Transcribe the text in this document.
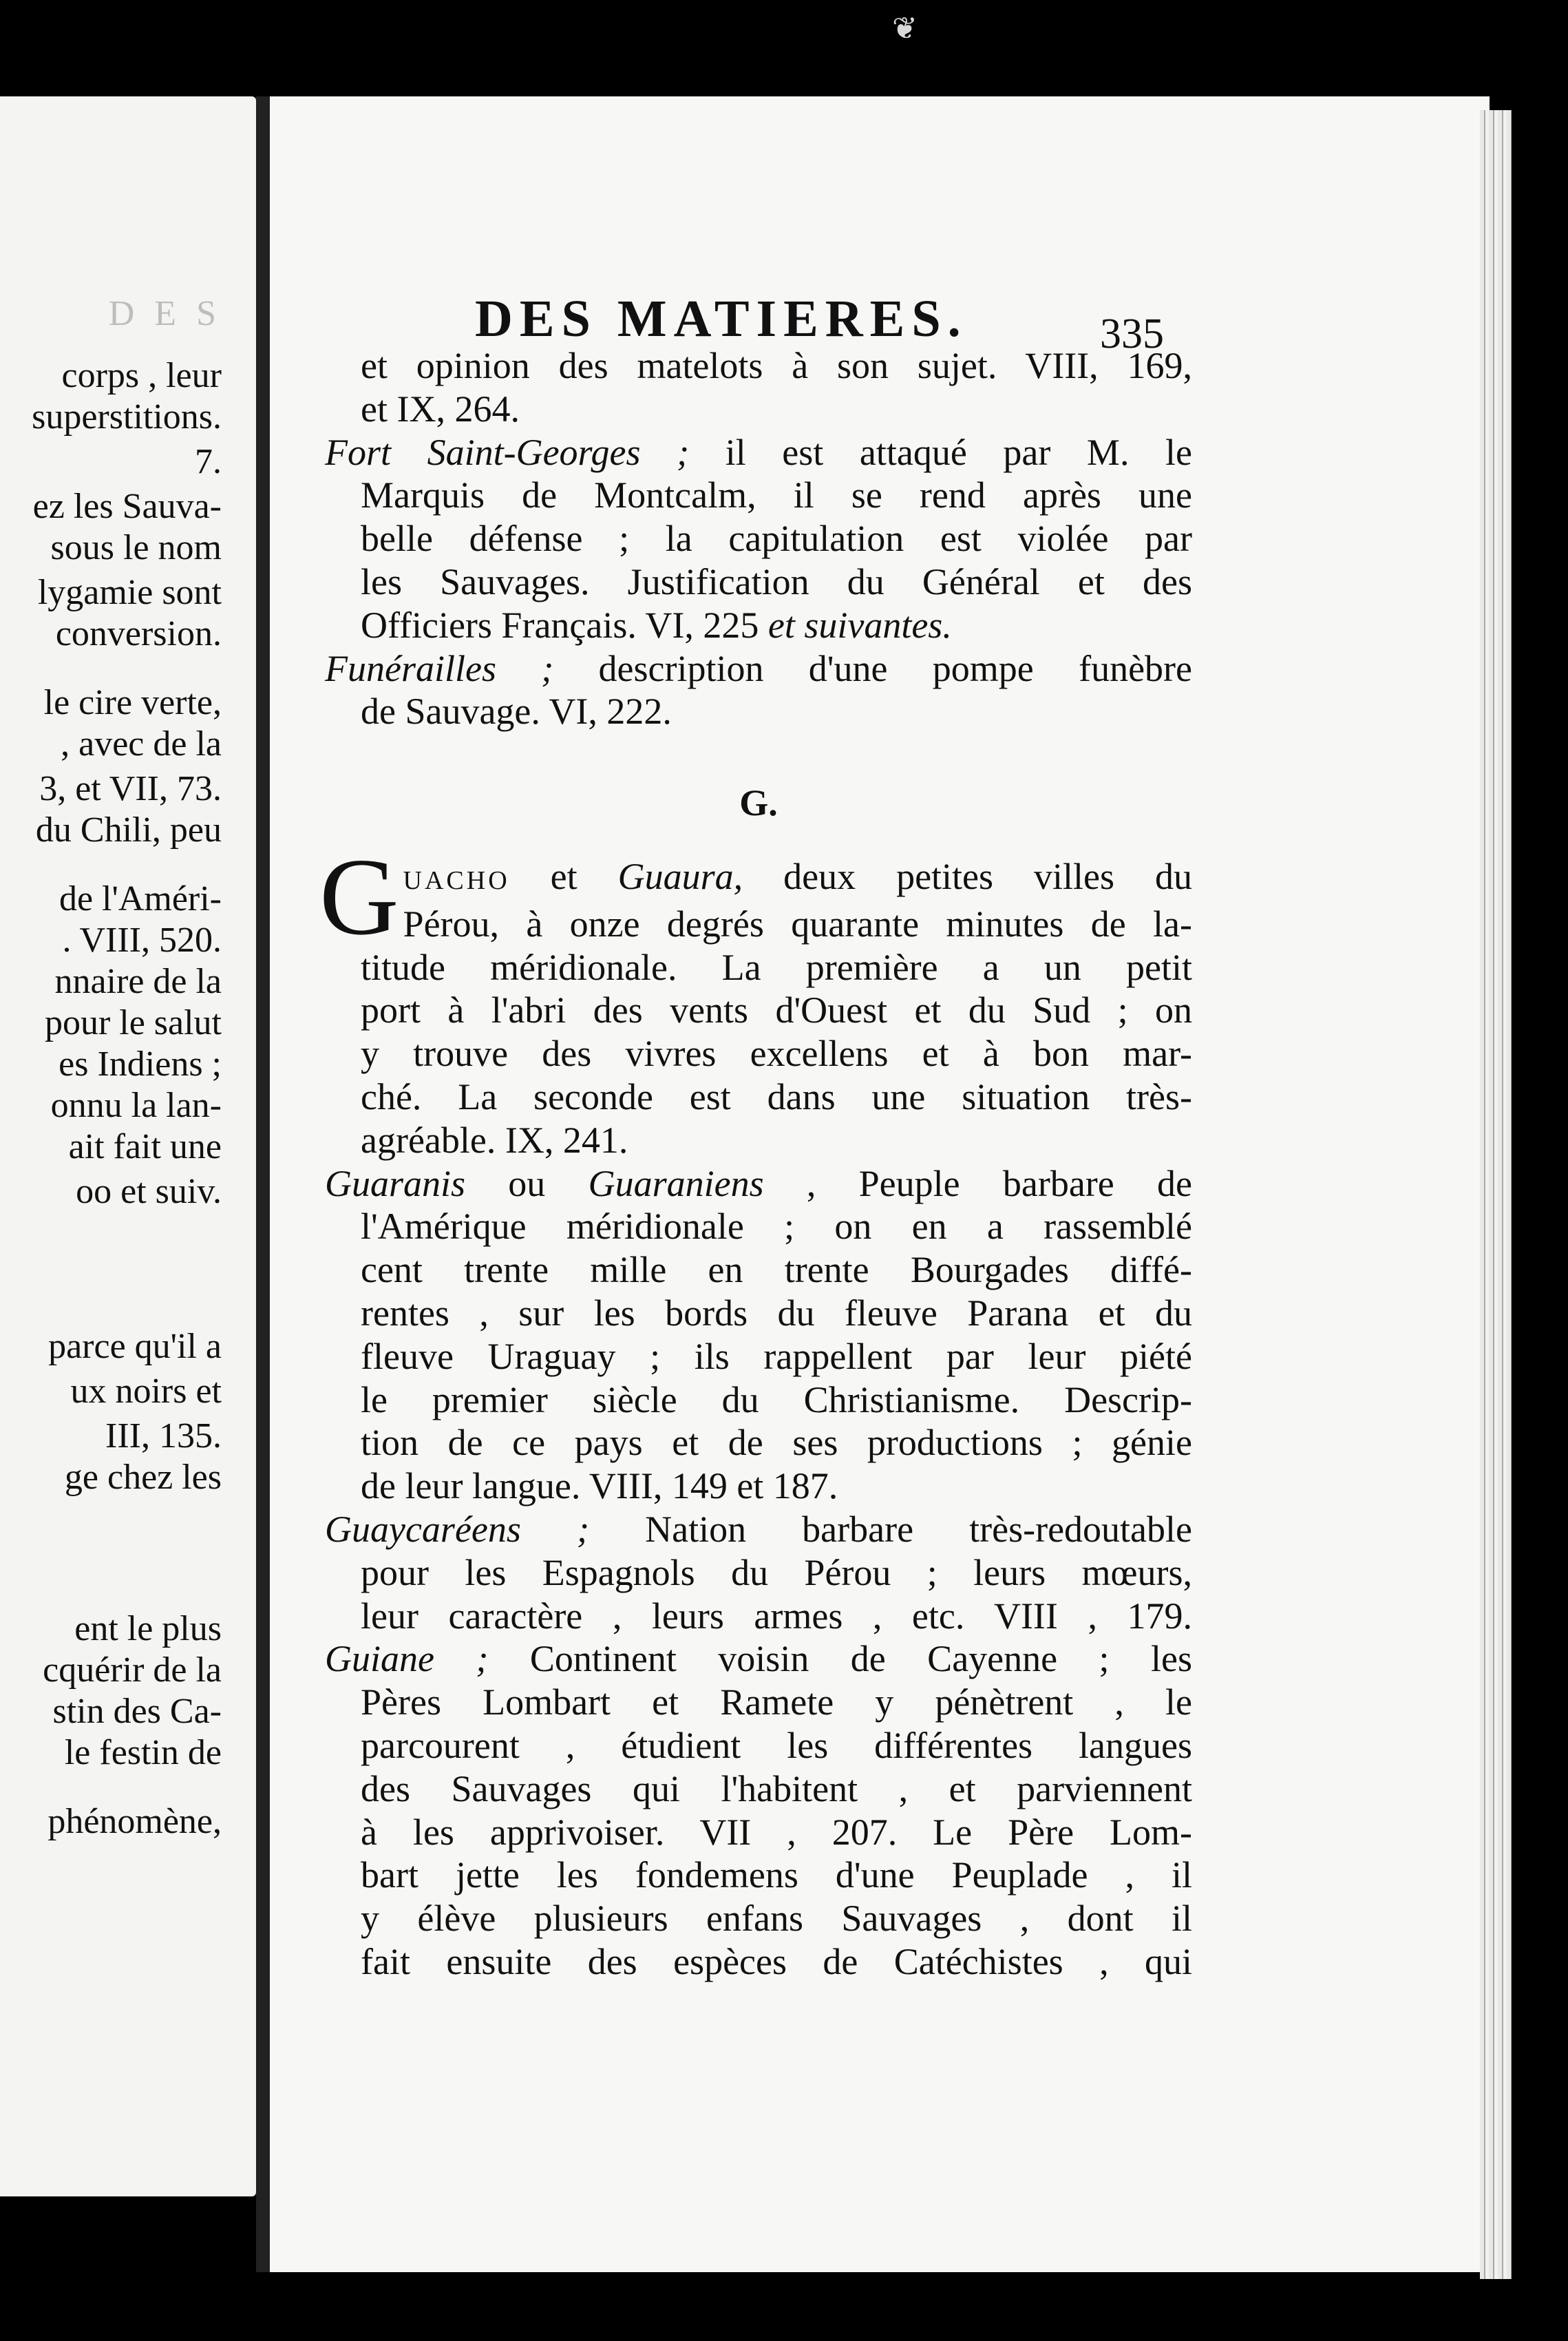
❦
D E S
corps , leur
superstitions.
7.
ez les Sauva-
sous le nom
lygamie sont
conversion.
le cire verte,
, avec de la
3, et VII, 73.
du Chili, peu
de l'Améri-
. VIII, 520.
nnaire de la
pour le salut
es Indiens ;
onnu la lan-
ait fait une
oo et suiv.
parce qu'il a
ux noirs et
III, 135.
ge chez les
ent le plus
cquérir de la
stin des Ca-
le festin de
phénomène,
DES MATIERES.	335
et opinion des matelots à son sujet. VIII, 169,
et IX, 264.
Fort Saint-Georges ; il est attaqué par M. le
Marquis de Montcalm, il se rend après une
belle défense ; la capitulation est violée par
les Sauvages. Justification du Général et des
Officiers Français. VI, 225 et suivantes.
Funérailles ; description d'une pompe funèbre
de Sauvage. VI, 222.
G.
G UACHO et Guaura, deux petites villes du
Pérou, à onze degrés quarante minutes de la-
titude méridionale. La première a un petit
port à l'abri des vents d'Ouest et du Sud ; on
y trouve des vivres excellens et à bon mar-
ché. La seconde est dans une situation très-
agréable. IX, 241.
Guaranis ou Guaraniens , Peuple barbare de
l'Amérique méridionale ; on en a rassemblé
cent trente mille en trente Bourgades diffé-
rentes , sur les bords du fleuve Parana et du
fleuve Uraguay ; ils rappellent par leur piété
le premier siècle du Christianisme. Descrip-
tion de ce pays et de ses productions ; génie
de leur langue. VIII, 149 et 187.
Guaycaréens ; Nation barbare très-redoutable
pour les Espagnols du Pérou ; leurs mœurs,
leur caractère , leurs armes , etc. VIII , 179.
Guiane ; Continent voisin de Cayenne ; les
Pères Lombart et Ramete y pénètrent , le
parcourent , étudient les différentes langues
des Sauvages qui l'habitent , et parviennent
à les apprivoiser. VII , 207. Le Père Lom-
bart jette les fondemens d'une Peuplade , il
y élève plusieurs enfans Sauvages , dont il
fait ensuite des espèces de Catéchistes , qui
